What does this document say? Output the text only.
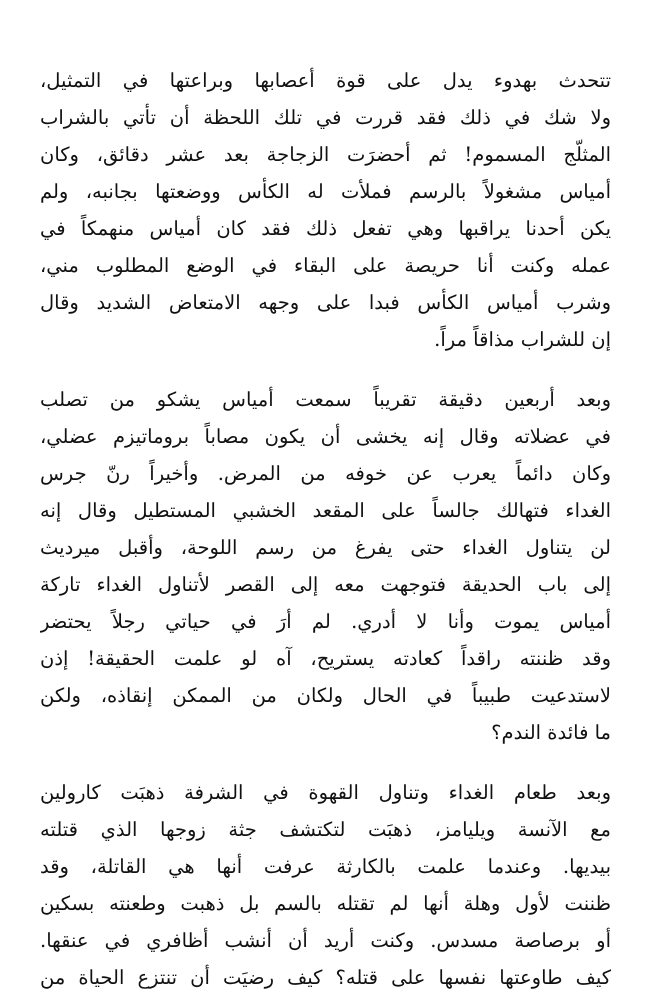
تتحدث بهدوء يدل على قوة أعصابها وبراعتها في التمثيل،
ولا شك في ذلك فقد قررت في تلك اللحظة أن تأتي بالشراب
المثلّج المسموم! ثم أحضرَت الزجاجة بعد عشر دقائق، وكان
أمياس مشغولاً بالرسم فملأت له الكأس ووضعتها بجانبه، ولم
يكن أحدنا يراقبها وهي تفعل ذلك فقد كان أمياس منهمكاً في
عمله وكنت أنا حريصة على البقاء في الوضع المطلوب مني،
وشرب أمياس الكأس فبدا على وجهه الامتعاض الشديد وقال
إن للشراب مذاقاً مراً.
وبعد أربعين دقيقة تقريباً سمعت أمياس يشكو من تصلب
في عضلاته وقال إنه يخشى أن يكون مصاباً بروماتيزم عضلي،
وكان دائماً يعرب عن خوفه من المرض. وأخيراً رنّ جرس
الغداء فتهالك جالساً على المقعد الخشبي المستطيل وقال إنه
لن يتناول الغداء حتى يفرغ من رسم اللوحة، وأقبل ميرديث
إلى باب الحديقة فتوجهت معه إلى القصر لأتناول الغداء تاركة
أمياس يموت وأنا لا أدري. لم أرَ في حياتي رجلاً يحتضر
وقد ظننته راقداً كعادته يستريح، آه لو علمت الحقيقة! إذن
لاستدعيت طبيباً في الحال ولكان من الممكن إنقاذه، ولكن
ما فائدة الندم؟
وبعد طعام الغداء وتناول القهوة في الشرفة ذهبَت كارولين
مع الآنسة ويليامز، ذهبَت لتكتشف جثة زوجها الذي قتلته
بيديها. وعندما علمت بالكارثة عرفت أنها هي القاتلة، وقد
ظننت لأول وهلة أنها لم تقتله بالسم بل ذهبت وطعنته بسكين
أو برصاصة مسدس. وكنت أريد أن أنشب أظافري في عنقها.
كيف طاوعتها نفسها على قتله؟ كيف رضيَت أن تنتزع الحياة من
